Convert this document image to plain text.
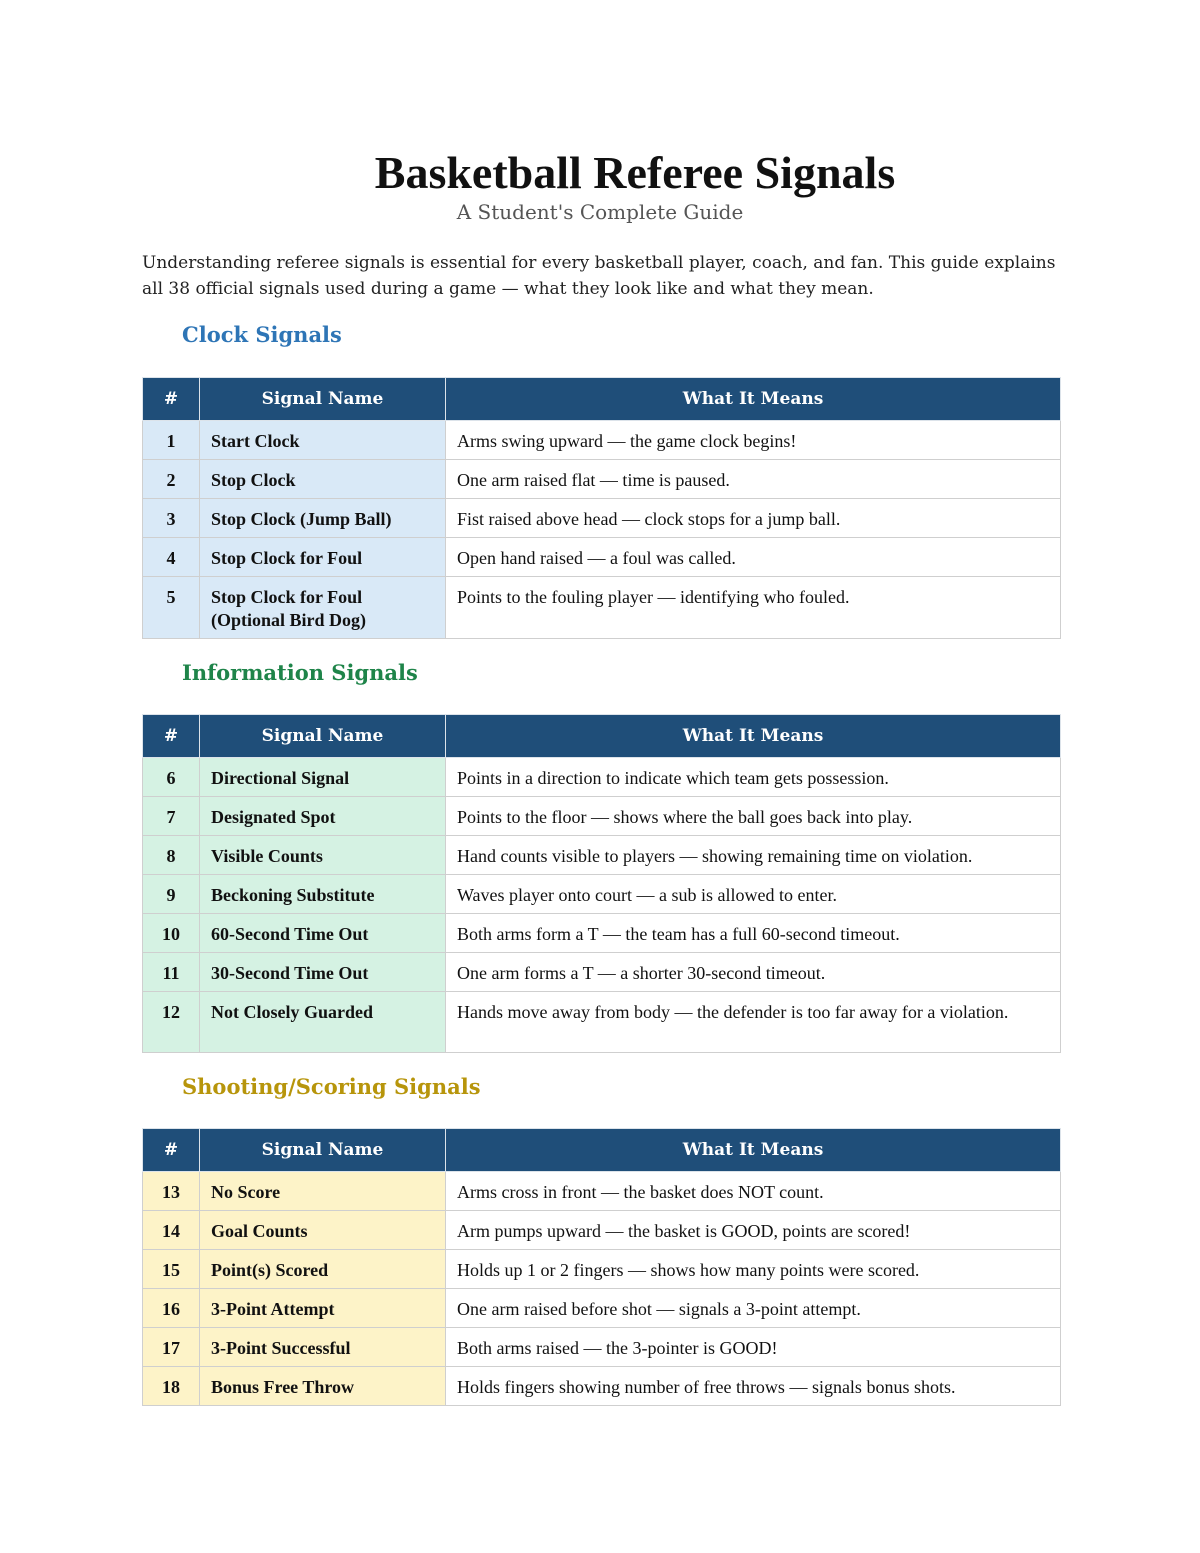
Basketball Referee Signals

A Student's Complete Guide

Understanding referee signals is essential for every basketball player, coach, and fan. This guide explains all 38 official signals used during a game — what they look like and what they mean.

Clock Signals
#	Signal Name	What It Means
1	Start Clock	Arms swing upward — the game clock begins!
2	Stop Clock	One arm raised flat — time is paused.
3	Stop Clock (Jump Ball)	Fist raised above head — clock stops for a jump ball.
4	Stop Clock for Foul	Open hand raised — a foul was called.
5	Stop Clock for Foul (Optional Bird Dog)	Points to the fouling player — identifying who fouled.
Information Signals
#	Signal Name	What It Means
6	Directional Signal	Points in a direction to indicate which team gets possession.
7	Designated Spot	Points to the floor — shows where the ball goes back into play.
8	Visible Counts	Hand counts visible to players — showing remaining time on violation.
9	Beckoning Substitute	Waves player onto court — a sub is allowed to enter.
10	60-Second Time Out	Both arms form a T — the team has a full 60-second timeout.
11	30-Second Time Out	One arm forms a T — a shorter 30-second timeout.
12	Not Closely Guarded	Hands move away from body — the defender is too far away for a violation.
Shooting/Scoring Signals
#	Signal Name	What It Means
13	No Score	Arms cross in front — the basket does NOT count.
14	Goal Counts	Arm pumps upward — the basket is GOOD, points are scored!
15	Point(s) Scored	Holds up 1 or 2 fingers — shows how many points were scored.
16	3-Point Attempt	One arm raised before shot — signals a 3-point attempt.
17	3-Point Successful	Both arms raised — the 3-pointer is GOOD!
18	Bonus Free Throw	Holds fingers showing number of free throws — signals bonus shots.
